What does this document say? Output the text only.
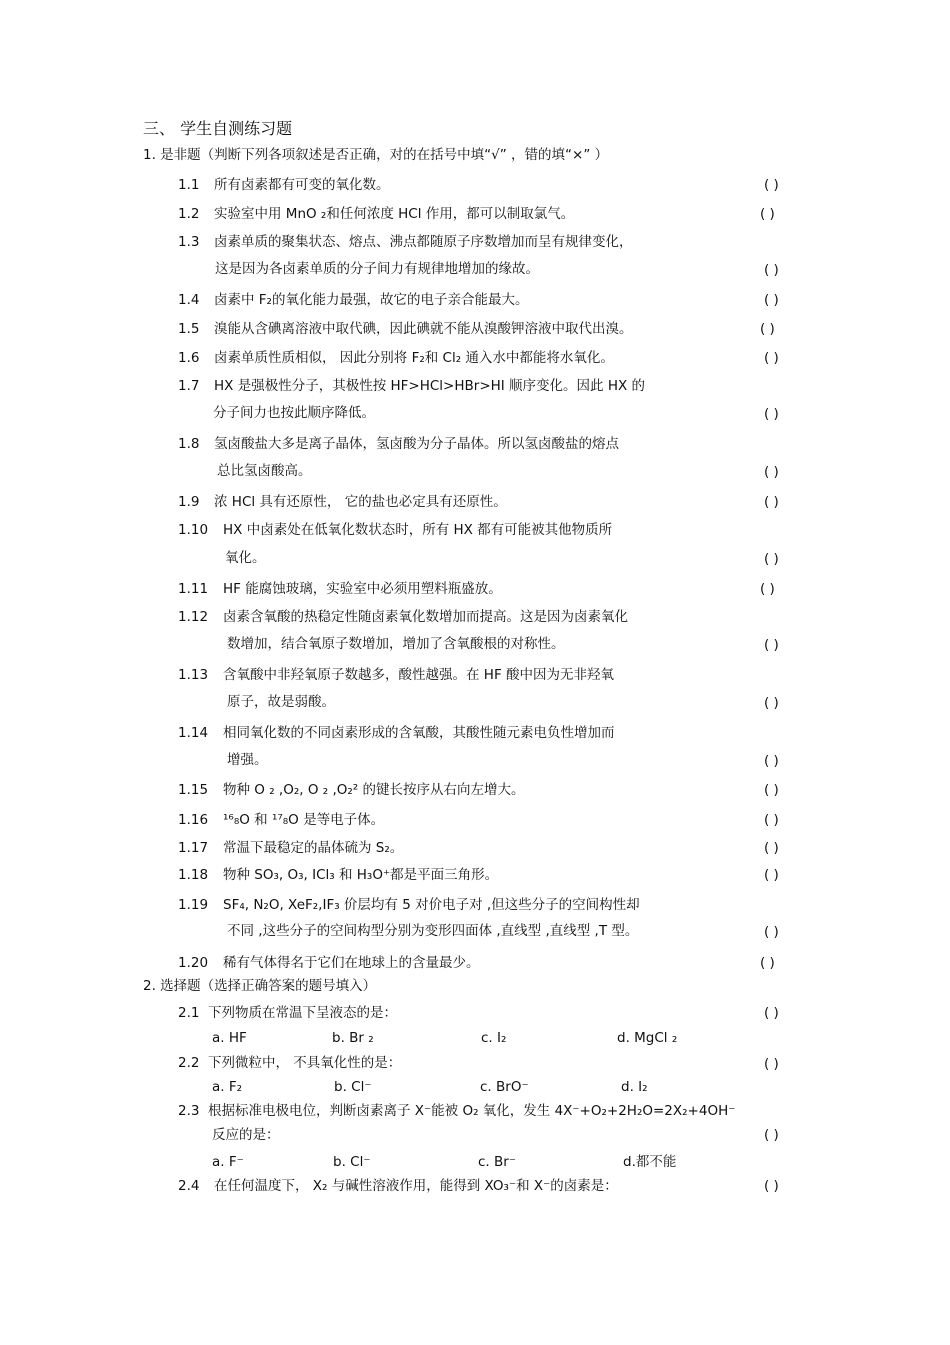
三、 学生自测练习题
1. 是非题（判断下列各项叙述是否正确，对的在括号中填“√” ，错的填“×” ）
1.1 所有卤素都有可变的氧化数。	( )
1.2 实验室中用 MnO ₂和任何浓度 HCl 作用，都可以制取氯气。	( )
1.3 卤素单质的聚集状态、熔点、沸点都随原子序数增加而呈有规律变化，
这是因为各卤素单质的分子间力有规律地增加的缘故。	( )
1.4 卤素中 F₂的氧化能力最强，故它的电子亲合能最大。	( )
1.5 溴能从含碘离溶液中取代碘，因此碘就不能从溴酸钾溶液中取代出溴。	( )
1.6 卤素单质性质相似， 因此分别将 F₂和 Cl₂ 通入水中都能将水氧化。	( )
1.7 HX 是强极性分子，其极性按 HF>HCl>HBr>HI 顺序变化。因此 HX 的
分子间力也按此顺序降低。	( )
1.8 氢卤酸盐大多是离子晶体，氢卤酸为分子晶体。所以氢卤酸盐的熔点
总比氢卤酸高。	( )
1.9 浓 HCl 具有还原性， 它的盐也必定具有还原性。	( )
1.10 HX 中卤素处在低氧化数状态时，所有 HX 都有可能被其他物质所
氧化。	( )
1.11 HF 能腐蚀玻璃，实验室中必须用塑料瓶盛放。	( )
1.12 卤素含氧酸的热稳定性随卤素氧化数增加而提高。这是因为卤素氧化
数增加，结合氧原子数增加，增加了含氧酸根的对称性。	( )
1.13 含氧酸中非羟氧原子数越多，酸性越强。在 HF 酸中因为无非羟氧
原子，故是弱酸。	( )
1.14 相同氧化数的不同卤素形成的含氧酸，其酸性随元素电负性增加而
增强。	( )
1.15 物种 O ₂ ,O₂, O ₂ ,O₂² 的键长按序从右向左增大。	( )
1.16 ¹⁶₈O 和 ¹⁷₈O 是等电子体。	( )
1.17 常温下最稳定的晶体硫为 S₂。	( )
1.18 物种 SO₃, O₃, ICl₃ 和 H₃O⁺都是平面三角形。	( )
1.19 SF₄, N₂O, XeF₂,IF₃ 价层均有 5 对价电子对 ,但这些分子的空间构性却
不同 ,这些分子的空间构型分别为变形四面体 ,直线型 ,直线型 ,T 型。	( )
1.20 稀有气体得名于它们在地球上的含量最少。	( )
2. 选择题（选择正确答案的题号填入）
2.1 下列物质在常温下呈液态的是：	( )
a. HF	b. Br ₂	c. I₂	d. MgCl ₂
2.2 下列微粒中， 不具氧化性的是：	( )
a. F₂	b. Cl⁻	c. BrO⁻	d. I₂
2.3 根据标准电极电位，判断卤素离子 X⁻能被 O₂ 氧化，发生 4X⁻+O₂+2H₂O=2X₂+4OH⁻
反应的是：	( )
a. F⁻	b. Cl⁻	c. Br⁻	d.都不能
2.4 在任何温度下， X₂ 与碱性溶液作用，能得到 XO₃⁻和 X⁻的卤素是：	( )
